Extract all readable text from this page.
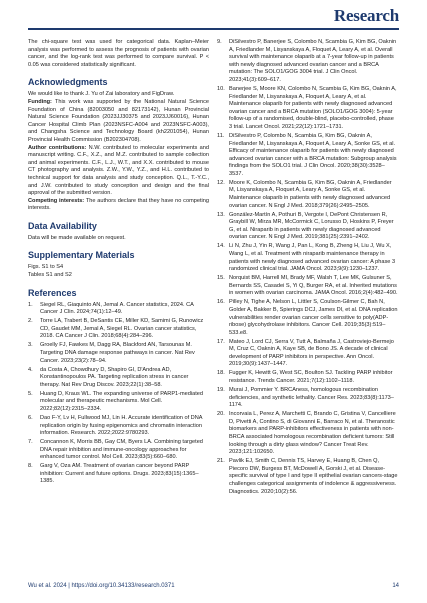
Research

The chi-square test was used for categorical data. Kaplan–Meier analysis was performed to assess the prognosis of patients with ovarian cancer, and the log-rank test was performed to compare survival. P < 0.05 was considered statistically significant.

Acknowledgments

We would like to thank J. Yu of Zai laboratory and FigDraw.

Funding: This work was supported by the National Natural Science Foundation of China (82003050 and 82173142), Hunan Provincial Natural Science Foundation (2023JJ30375 and 2023JJ60016), Hunan Cancer Hospital Climb Plan (2023NSFC-A004 and 2023NSFC-A003), and Changsha Science and Technology Board (kh2201054), Hunan Provincial Health Commission (B202304708).

Author contributions: N.W. contributed to molecular experiments and manuscript writing. C.F., X.Z., and M.Z. contributed to sample collection and animal experiments. C.F., L.J., W.T., and X.X. contributed to mouse CT photography and analysis. Z.W., Y.W., Y.Z., and H.L. contributed to technical support for data analysis and study conception. Q.L., T.-Y.C., and J.W. contributed to study conception and design and the final approval of the submitted version.

Competing interests: The authors declare that they have no competing interests.

Data Availability

Data will be made available on request.

Supplementary Materials

Figs. S1 to S4

Tables S1 and S2

References
1. Siegel RL, Giaquinto AN, Jemal A. Cancer statistics, 2024. CA Cancer J Clin. 2024;74(1):12–49.
2. Torre LA, Trabert B, DeSantis CE, Miller KD, Samimi G, Runowicz CD, Gaudet MM, Jemal A, Siegel RL. Ovarian cancer statistics, 2018. CA Cancer J Clin. 2018;68(4):284–296.
3. Groelly FJ, Fawkes M, Dagg RA, Blackford AN, Tarsounas M. Targeting DNA damage response pathways in cancer. Nat Rev Cancer. 2023;23(2):78–94.
4. da Costa A, Chowdhury D, Shapiro GI, D'Andrea AD, Konstantinopoulos PA. Targeting replication stress in cancer therapy. Nat Rev Drug Discov. 2023;22(1):38–58.
5. Huang D, Kraus WL. The expanding universe of PARP1-mediated molecular and therapeutic mechanisms. Mol Cell. 2022;82(12):2315–2334.
6. Dao F-Y, Lv H, Fullwood MJ, Lin H. Accurate identification of DNA replication origin by fusing epigenomics and chromatin interaction information. Research. 2022;2022:9780293.
7. Concannon K, Morris BB, Gay CM, Byers LA. Combining targeted DNA repair inhibition and immune-oncology approaches for enhanced tumor control. Mol Cell. 2023;83(5):660–680.
8. Garg V, Oza AM. Treatment of ovarian cancer beyond PARP inhibition: Current and future options. Drugs. 2023;83(15):1365–1385.
9. DiSilvestro P, Banerjee S, Colombo N, Scambia G, Kim BG, Oaknin A, Friedlander M, Lisyanskaya A, Floquet A, Leary A, et al. Overall survival with maintenance olaparib at a 7-year follow-up in patients with newly diagnosed advanced ovarian cancer and a BRCA mutation: The SOLO1/GOG 3004 trial. J Clin Oncol. 2023;41(3):609–617.
10. Banerjee S, Moore KN, Colombo N, Scambia G, Kim BG, Oaknin A, Friedlander M, Lisyanskaya A, Floquet A, Leary A, et al. Maintenance olaparib for patients with newly diagnosed advanced ovarian cancer and a BRCA mutation (SOLO1/GOG 3004): 5-year follow-up of a randomised, double-blind, placebo-controlled, phase 3 trial. Lancet Oncol. 2021;22(12):1721–1731.
11. DiSilvestro P, Colombo N, Scambia G, Kim BG, Oaknin A, Friedlander M, Lisyanskaya A, Floquet A, Leary A, Sonke GS, et al. Efficacy of maintenance olaparib for patients with newly diagnosed advanced ovarian cancer with a BRCA mutation: Subgroup analysis findings from the SOLO1 trial. J Clin Oncol. 2020;38(30):3528–3537.
12. Moore K, Colombo N, Scambia G, Kim BG, Oaknin A, Friedlander M, Lisyanskaya A, Floquet A, Leary A, Sonke GS, et al. Maintenance olaparib in patients with newly diagnosed advanced ovarian cancer. N Engl J Med. 2018;379(26):2495–2505.
13. González-Martín A, Pothuri B, Vergote I, DePont Christensen R, Graybill W, Mirza MR, McCormick C, Lorusso D, Hoskins P, Freyer G, et al. Niraparib in patients with newly diagnosed advanced ovarian cancer. N Engl J Med. 2019;381(25):2391–2402.
14. Li N, Zhu J, Yin R, Wang J, Pan L, Kong B, Zheng H, Liu J, Wu X, Wang L, et al. Treatment with niraparib maintenance therapy in patients with newly diagnosed advanced ovarian cancer: A phase 3 randomized clinical trial. JAMA Oncol. 2023;9(9):1230–1237.
15. Norquist BM, Harrell MI, Brady MF, Walsh T, Lee MK, Gulsuner S, Bernards SS, Casadei S, Yi Q, Burger RA, et al. Inherited mutations in women with ovarian carcinoma. JAMA Oncol. 2016;2(4):482–490.
16. Pilley N, Tighe A, Nelson L, Littler S, Coulson-Gilmer C, Bah N, Golder A, Bakker B, Spierings DCJ, James DI, et al. DNA replication vulnerabilities render ovarian cancer cells sensitive to poly(ADP-ribose) glycohydrolase inhibitors. Cancer Cell. 2019;35(3):519–533.e8.
17. Mateo J, Lord CJ, Serra V, Tutt A, Balmaña J, Castroviejo-Bermejo M, Cruz C, Oaknin A, Kaye SB, de Bono JS. A decade of clinical development of PARP inhibitors in perspective. Ann Oncol. 2019;30(9):1437–1447.
18. Fugger K, Hewitt G, West SC, Boulton SJ. Tackling PARP inhibitor resistance. Trends Cancer. 2021;7(12):1102–1118.
19. Murai J, Pommier Y. BRCAness, homologous recombination deficiencies, and synthetic lethality. Cancer Res. 2023;83(8):1173–1174.
20. Incorvaia L, Perez A, Marchetti C, Brando C, Gristina V, Cancelliere D, Pivetti A, Contino S, di Giovanni E, Barraco N, et al. Theranostic biomarkers and PARP-inhibitors effectiveness in patients with non-BRCA associated homologous recombination deficient tumors: Still looking through a dirty glass window? Cancer Treat Rev. 2023;121:102650.
21. Pavlik EJ, Smith C, Dennis TS, Harvey E, Huang B, Chen Q, Piecoro DW, Burgess BT, McDowell A, Gorski J, et al. Disease-specific survival of type I and type II epithelial ovarian cancers-stage challenges categorical assignments of indolence & aggressiveness. Diagnostics. 2020;10(2):56.
Wu et al. 2024 | https://doi.org/10.34133/research.0371	14
